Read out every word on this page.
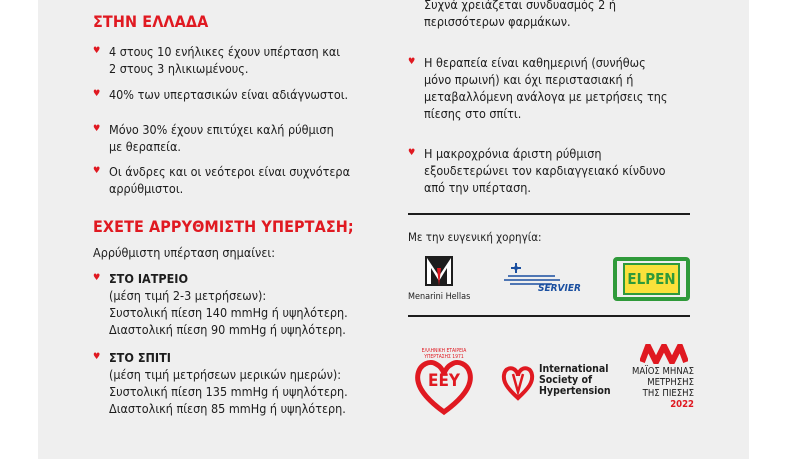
ΣΤΗΝ ΕΛΛΑΔΑ
♥ 4 στους 10 ενήλικες έχουν υπέρταση και
2 στους 3 ηλικιωμένους.
♥ 40% των υπερτασικών είναι αδιάγνωστοι.
♥ Μόνο 30% έχουν επιτύχει καλή ρύθμιση
με θεραπεία.
♥ Οι άνδρες και οι νεότεροι είναι συχνότερα
αρρύθμιστοι.
ΕΧΕΤΕ ΑΡΡΥΘΜΙΣΤΗ ΥΠΕΡΤΑΣΗ;
Αρρύθμιστη υπέρταση σημαίνει:
♥ ΣΤΟ ΙΑΤΡΕΙΟ
(μέση τιμή 2-3 μετρήσεων):
Συστολική πίεση 140 mmHg ή υψηλότερη.
Διαστολική πίεση 90 mmHg ή υψηλότερη.
♥ ΣΤΟ ΣΠΙΤΙ
(μέση τιμή μετρήσεων μερικών ημερών):
Συστολική πίεση 135 mmHg ή υψηλότερη.
Διαστολική πίεση 85 mmHg ή υψηλότερη.
Συχνά χρειάζεται συνδυασμός 2 ή
περισσότερων φαρμάκων.
♥ Η θεραπεία είναι καθημερινή (συνήθως
μόνο πρωινή) και όχι περιστασιακή ή
μεταβαλλόμενη ανάλογα με μετρήσεις της
πίεσης στο σπίτι.
♥ Η μακροχρόνια άριστη ρύθμιση
εξουδετερώνει τον καρδιαγγειακό κίνδυνο
από την υπέρταση.
Με την ευγενική χορηγία:
Menarini Hellas
SERVIER
ELPEN
ΕΛΛΗΝΙΚΗ ΕΤΑΙΡΕΙΑ ΥΠΕΡΤΑΣΗΣ 1971
ΕΕΥ
International
Society of
Hypertension
ΜΑΪΟΣ ΜΗΝΑΣ
ΜΕΤΡΗΣΗΣ
ΤΗΣ ΠΙΕΣΗΣ
2022
